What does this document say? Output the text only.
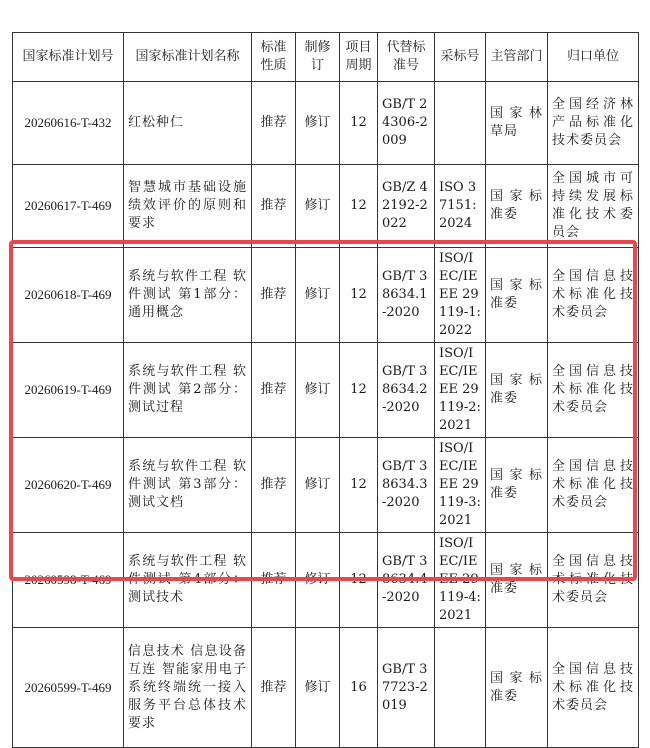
国家标准计划号	国家标准计划名称	标准性质	制修订	项目周期	代替标准号	采标号	主管部门	归口单位
20260616-T-432	红松种仁	推荐	修订	12	GB/T 24306-2009		国家林草局	全国经济林产品标准化技术委员会
20260617-T-469	智慧城市基础设施绩效评价的原则和要求	推荐	修订	12	GB/Z 42192-2022	ISO 37151: 2024	国家标准委	全国城市可持续发展标准化技术委员会
20260618-T-469	系统与软件工程 软件测试 第1部分：通用概念	推荐	修订	12	GB/T 38634.1-2020	ISO/IEC/IEEE 29119-1:2022	国家标准委	全国信息技术标准化技术委员会
20260619-T-469	系统与软件工程 软件测试 第2部分：测试过程	推荐	修订	12	GB/T 38634.2-2020	ISO/IEC/IEEE 29119-2:2021	国家标准委	全国信息技术标准化技术委员会
20260620-T-469	系统与软件工程 软件测试 第3部分：测试文档	推荐	修订	12	GB/T 38634.3-2020	ISO/IEC/IEEE 29119-3:2021	国家标准委	全国信息技术标准化技术委员会
20260598-T-469	系统与软件工程 软件测试 第4部分：测试技术	推荐	修订	12	GB/T 38634.4-2020	ISO/IEC/IEEE 29119-4:2021	国家标准委	全国信息技术标准化技术委员会
20260599-T-469	信息技术 信息设备互连 智能家用电子系统终端统一接入服务平台总体技术要求	推荐	修订	16	GB/T 37723-2019		国家标准委	全国信息技术标准化技术委员会
